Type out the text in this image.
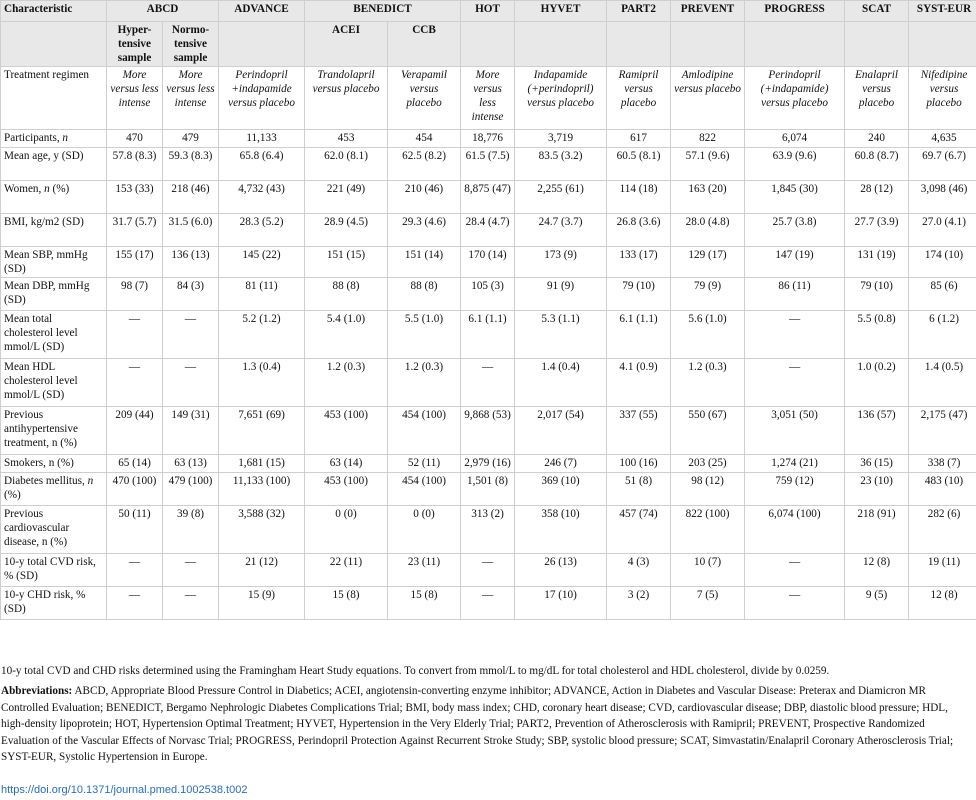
Characteristic	ABCD		ADVANCE	BENEDICT		HOT	HYVET	PART2	PREVENT	PROGRESS	SCAT	SYST-EUR
	Hyper-tensive sample	Normo-tensive sample		ACEI	CCB							
Treatment regimen	More versus less intense	More versus less intense	Perindopril +indapamide versus placebo	Trandolapril versus placebo	Verapamil versus placebo	More versus less intense	Indapamide (+perindopril) versus placebo	Ramipril versus placebo	Amlodipine versus placebo	Perindopril (+indapamide) versus placebo	Enalapril versus placebo	Nifedipine versus placebo
Participants, n	470	479	11,133	453	454	18,776	3,719	617	822	6,074	240	4,635
Mean age, y (SD)	57.8 (8.3)	59.3 (8.3)	65.8 (6.4)	62.0 (8.1)	62.5 (8.2)	61.5 (7.5)	83.5 (3.2)	60.5 (8.1)	57.1 (9.6)	63.9 (9.6)	60.8 (8.7)	69.7 (6.7)
Women, n (%)	153 (33)	218 (46)	4,732 (43)	221 (49)	210 (46)	8,875 (47)	2,255 (61)	114 (18)	163 (20)	1,845 (30)	28 (12)	3,098 (46)
BMI, kg/m2 (SD)	31.7 (5.7)	31.5 (6.0)	28.3 (5.2)	28.9 (4.5)	29.3 (4.6)	28.4 (4.7)	24.7 (3.7)	26.8 (3.6)	28.0 (4.8)	25.7 (3.8)	27.7 (3.9)	27.0 (4.1)
Mean SBP, mmHg (SD)	155 (17)	136 (13)	145 (22)	151 (15)	151 (14)	170 (14)	173 (9)	133 (17)	129 (17)	147 (19)	131 (19)	174 (10)
Mean DBP, mmHg (SD)	98 (7)	84 (3)	81 (11)	88 (8)	88 (8)	105 (3)	91 (9)	79 (10)	79 (9)	86 (11)	79 (10)	85 (6)
Mean total cholesterol level mmol/L (SD)	—	—	5.2 (1.2)	5.4 (1.0)	5.5 (1.0)	6.1 (1.1)	5.3 (1.1)	6.1 (1.1)	5.6 (1.0)	—	5.5 (0.8)	6 (1.2)
Mean HDL cholesterol level mmol/L (SD)	—	—	1.3 (0.4)	1.2 (0.3)	1.2 (0.3)	—	1.4 (0.4)	4.1 (0.9)	1.2 (0.3)	—	1.0 (0.2)	1.4 (0.5)
Previous antihypertensive treatment, n (%)	209 (44)	149 (31)	7,651 (69)	453 (100)	454 (100)	9,868 (53)	2,017 (54)	337 (55)	550 (67)	3,051 (50)	136 (57)	2,175 (47)
Smokers, n (%)	65 (14)	63 (13)	1,681 (15)	63 (14)	52 (11)	2,979 (16)	246 (7)	100 (16)	203 (25)	1,274 (21)	36 (15)	338 (7)
Diabetes mellitus, n (%)	470 (100)	479 (100)	11,133 (100)	453 (100)	454 (100)	1,501 (8)	369 (10)	51 (8)	98 (12)	759 (12)	23 (10)	483 (10)
Previous cardiovascular disease, n (%)	50 (11)	39 (8)	3,588 (32)	0 (0)	0 (0)	313 (2)	358 (10)	457 (74)	822 (100)	6,074 (100)	218 (91)	282 (6)
10-y total CVD risk, % (SD)	—	—	21 (12)	22 (11)	23 (11)	—	26 (13)	4 (3)	10 (7)	—	12 (8)	19 (11)
10-y CHD risk, % (SD)	—	—	15 (9)	15 (8)	15 (8)	—	17 (10)	3 (2)	7 (5)	—	9 (5)	12 (8)
10-y total CVD and CHD risks determined using the Framingham Heart Study equations. To convert from mmol/L to mg/dL for total cholesterol and HDL cholesterol, divide by 0.0259.
Abbreviations: ABCD, Appropriate Blood Pressure Control in Diabetics; ACEI, angiotensin-converting enzyme inhibitor; ADVANCE, Action in Diabetes and Vascular Disease: Preterax and Diamicron MR Controlled Evaluation; BENEDICT, Bergamo Nephrologic Diabetes Complications Trial; BMI, body mass index; CHD, coronary heart disease; CVD, cardiovascular disease; DBP, diastolic blood pressure; HDL, high-density lipoprotein; HOT, Hypertension Optimal Treatment; HYVET, Hypertension in the Very Elderly Trial; PART2, Prevention of Atherosclerosis with Ramipril; PREVENT, Prospective Randomized Evaluation of the Vascular Effects of Norvasc Trial; PROGRESS, Perindopril Protection Against Recurrent Stroke Study; SBP, systolic blood pressure; SCAT, Simvastatin/Enalapril Coronary Atherosclerosis Trial; SYST-EUR, Systolic Hypertension in Europe.
https://doi.org/10.1371/journal.pmed.1002538.t002
